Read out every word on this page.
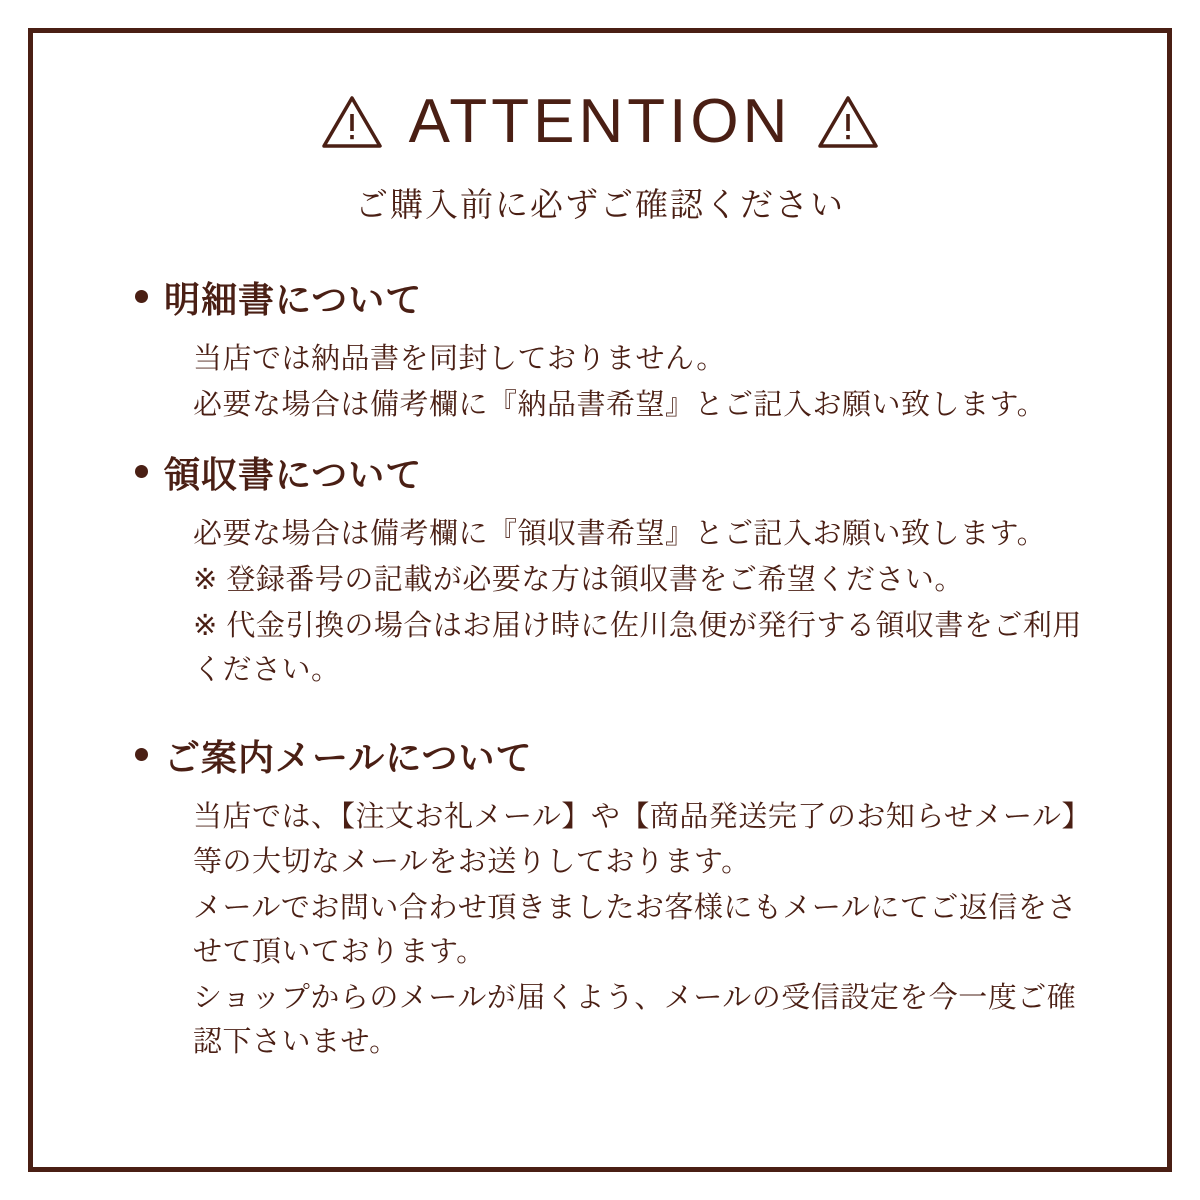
ATTENTION
ご購入前に必ずご確認ください
明細書について
当店では納品書を同封しておりません。
必要な場合は備考欄に『納品書希望』とご記入お願い致します。
領収書について
必要な場合は備考欄に『領収書希望』とご記入お願い致します。
※ 登録番号の記載が必要な方は領収書をご希望ください。
※ 代金引換の場合はお届け時に佐川急便が発行する領収書をご利用ください。
ご案内メールについて
当店では、【注文お礼メール】や【商品発送完了のお知らせメール】等の大切なメールをお送りしております。
メールでお問い合わせ頂きましたお客様にもメールにてご返信をさせて頂いております。
ショップからのメールが届くよう、メールの受信設定を今一度ご確認下さいませ。
